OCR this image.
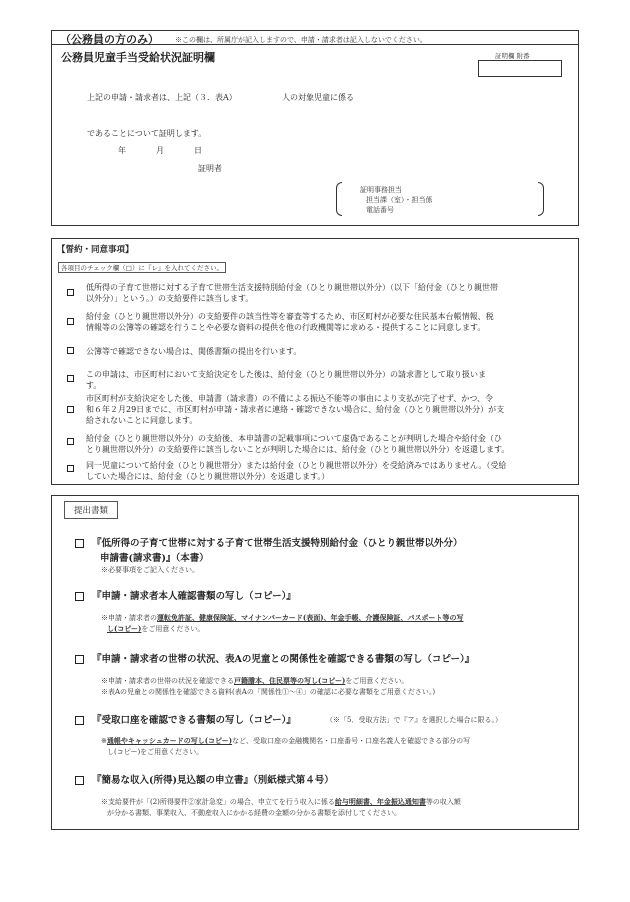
（公務員の方のみ） ※この欄は、所属庁が記入しますので、申請・請求者は記入しないでください。
公務員児童手当受給状況証明欄	証明欄 附番
上記の申請・請求者は、上記（３．表A）	人の対象児童に係る
であることについて証明します。
年	月	日
証明者
証明事務担当
担当課（室）・担当係
電話番号
【誓約・同意事項】
各項目のチェック欄（□）に『レ』を入れてください。
低所得の子育て世帯に対する子育て世帯生活支援特別給付金（ひとり親世帯以外分）（以下「給付金（ひとり親世帯
以外分）」という。）の支給要件に該当します。
給付金（ひとり親世帯以外分）の支給要件の該当性等を審査等するため、市区町村が必要な住民基本台帳情報、税
情報等の公簿等の確認を行うことや必要な資料の提供を他の行政機関等に求める・提供することに同意します。
公簿等で確認できない場合は、関係書類の提出を行います。
この申請は、市区町村において支給決定をした後は、給付金（ひとり親世帯以外分）の請求書として取り扱いま
す。
市区町村が支給決定をした後、申請書（請求書）の不備による振込不能等の事由により支払が完了せず、かつ、令
和６年２月29日までに、市区町村が申請・請求者に連絡・確認できない場合に、給付金（ひとり親世帯以外分）が支
給されないことに同意します。
給付金（ひとり親世帯以外分）の支給後、本申請書の記載事項について虚偽であることが判明した場合や給付金（ひ
とり親世帯以外分）の支給要件に該当しないことが判明した場合には、給付金（ひとり親世帯以外分）を返還します。
同一児童について給付金（ひとり親世帯分）または給付金（ひとり親世帯以外分）を受給済みではありません。（受給
していた場合には、給付金（ひとり親世帯以外分）を返還します。）
提出書類
『低所得の子育て世帯に対する子育て世帯生活支援特別給付金（ひとり親世帯以外分）
申請書(請求書)』（本書）
※必要事項をご記入ください。
『申請・請求者本人確認書類の写し（コピー）』
※申請・請求者の運転免許証、健康保険証、マイナンバーカード(表面)、年金手帳、介護保険証、パスポート等の写
し(コピー)をご用意ください。
『申請・請求者の世帯の状況、表Aの児童との関係性を確認できる書類の写し（コピー）』
※申請・請求者の世帯の状況を確認できる戸籍謄本、住民票等の写し(コピー)をご用意ください。
※表Aの児童との関係性を確認できる資料(表Aの「関係性①～④」の確認に必要な書類をご用意ください。)
『受取口座を確認できる書類の写し（コピー）』	（※「5．受取方法」で『ア』を選択した場合に限る。）
※通帳やキャッシュカードの写し(コピー)など、受取口座の金融機関名・口座番号・口座名義人を確認できる部分の写
し(コピー)をご用意ください。
『簡易な収入(所得)見込額の申立書』（別紙様式第４号）
※支給要件が「(2)所得要件②家計急変」の場合、申立てを行う収入に係る給与明細書、年金振込通知書等の収入額
が分かる書類、事業収入、不動産収入にかかる経費の金額の分かる書類を添付してください。
